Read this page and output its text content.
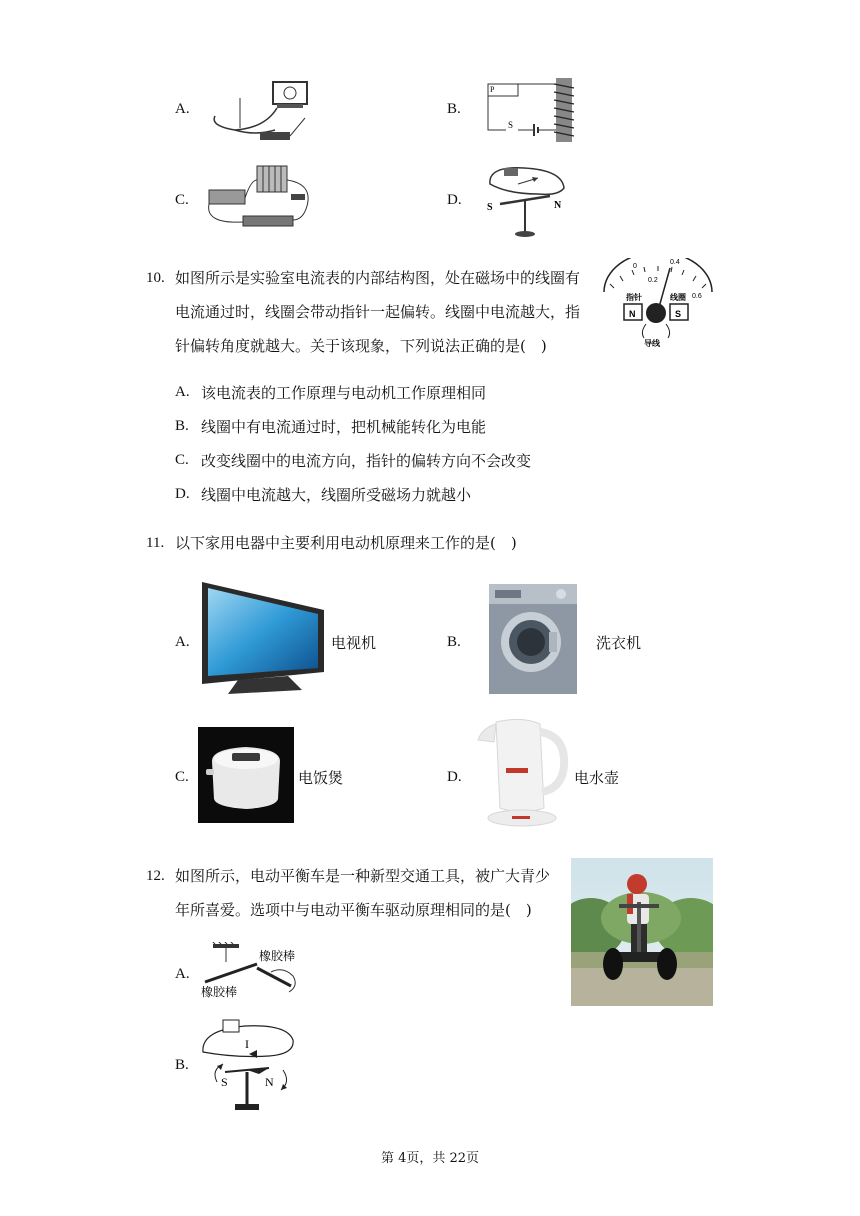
A.	B.
P
S
C.	D.	S	N
10. 如图所示是实验室电流表的内部结构图，处在磁场中的线圈有
电流通过时，线圈会带动指针一起偏转。线圈中电流越大，指
针偏转角度就越大。关于该现象，下列说法正确的是(　)
0
0.2
0.4
0.6
指针	线圈
N	S
导线
A. 该电流表的工作原理与电动机工作原理相同
B. 线圈中有电流通过时，把机械能转化为电能
C. 改变线圈中的电流方向，指针的偏转方向不会改变
D. 线圈中电流越大，线圈所受磁场力就越小
11. 以下家用电器中主要利用电动机原理来工作的是(　)
A.	电视机	B.	洗衣机
C.	电饭煲	D.	电水壶
12. 如图所示，电动平衡车是一种新型交通工具，被广大青少
年所喜爱。选项中与电动平衡车驱动原理相同的是(　)
A.
橡胶棒
橡胶棒
B.
I
S	N
第 4页，共 22页
